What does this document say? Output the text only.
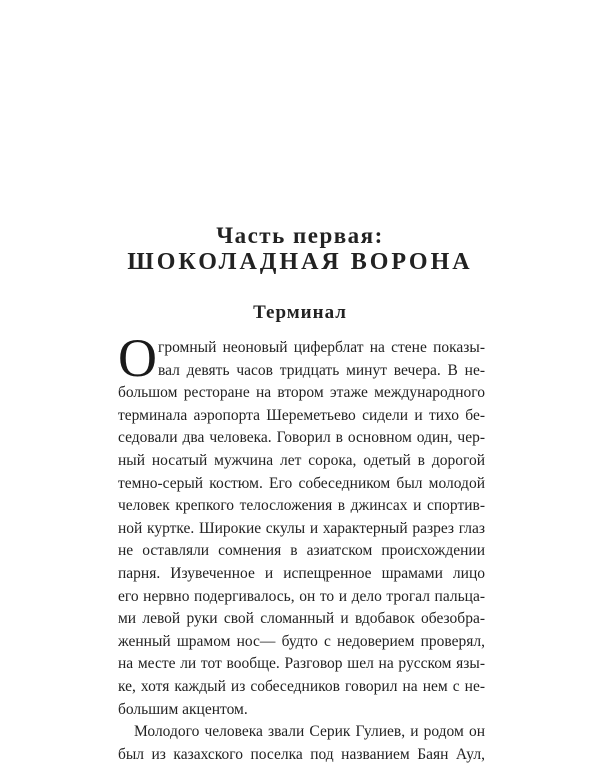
Часть первая:
ШОКОЛАДНАЯ ВОРОНА
Терминал
О громный неоновый циферблат на стене показы-
вал девять часов тридцать минут вечера. В не-
большом ресторане на втором этаже международного
терминала аэропорта Шереметьево сидели и тихо бе-
седовали два человека. Говорил в основном один, чер-
ный носатый мужчина лет сорока, одетый в дорогой
темно-серый костюм. Его собеседником был молодой
человек крепкого телосложения в джинсах и спортив-
ной куртке. Широкие скулы и характерный разрез глаз
не оставляли сомнения в азиатском происхождении
парня. Изувеченное и испещренное шрамами лицо
его нервно подергивалось, он то и дело трогал пальца-
ми левой руки свой сломанный и вдобавок обезобра-
женный шрамом нос— будто с недоверием проверял,
на месте ли тот вообще. Разговор шел на русском язы-
ке, хотя каждый из собеседников говорил на нем с не-
большим акцентом.
Молодого человека звали Серик Гулиев, и родом он
был из казахского поселка под названием Баян Аул,
